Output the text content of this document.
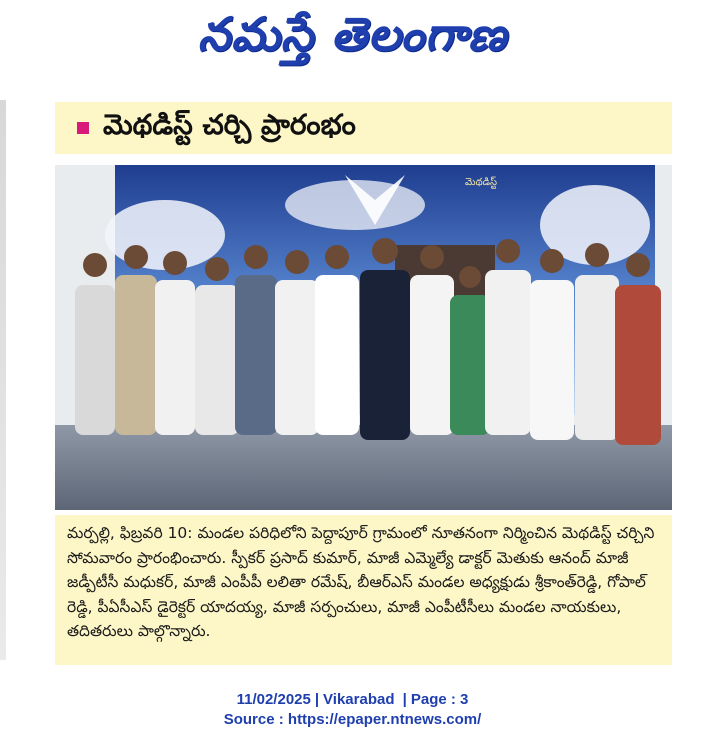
నమస్తే తెలంగాణ
మెథడిస్ట్ చర్చి ప్రారంభం
మెథడిస్ట్
మర్పల్లి, ఫిబ్రవరి 10: మండల పరిధిలోని పెద్దాపూర్ గ్రామంలో నూతనంగా నిర్మించిన మెథడిస్ట్ చర్చిని సోమవారం ప్రారంభించారు. స్పీకర్ ప్రసాద్ కుమార్, మాజీ ఎమ్మెల్యే డాక్టర్ మెతుకు ఆనంద్ మాజీ జడ్పీటీసీ మధుకర్, మాజీ ఎంపీపీ లలితా రమేష్, బీఆర్ఎస్ మండల అధ్యక్షుడు శ్రీకాంత్‌రెడ్డి, గోపాల్ రెడ్డి, పీఏసీఎస్ డైరెక్టర్ యాదయ్య, మాజీ సర్పంచులు, మాజీ ఎంపీటీసీలు మండల నాయకులు, తదితరులు పాల్గొన్నారు.
11/02/2025 | Vikarabad | Page : 3
Source : https://epaper.ntnews.com/
